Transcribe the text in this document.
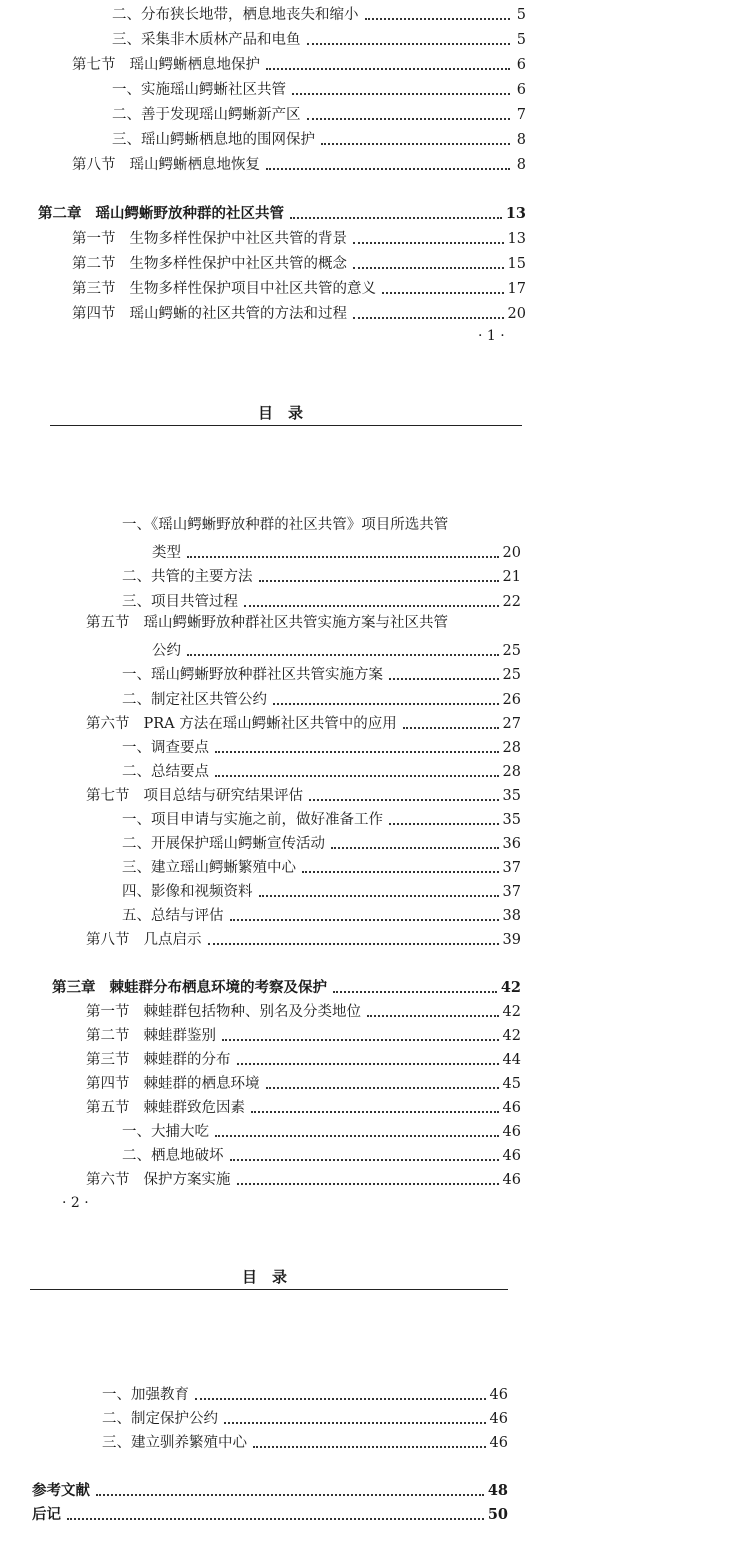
二、分布狭长地带，栖息地丧失和缩小	5
三、采集非木质林产品和电鱼	5
第七节 瑶山鳄蜥栖息地保护	6
一、实施瑶山鳄蜥社区共管	6
二、善于发现瑶山鳄蜥新产区	7
三、瑶山鳄蜥栖息地的围网保护	8
第八节 瑶山鳄蜥栖息地恢复	8
第二章 瑶山鳄蜥野放种群的社区共管	13
第一节 生物多样性保护中社区共管的背景	13
第二节 生物多样性保护中社区共管的概念	15
第三节 生物多样性保护项目中社区共管的意义	17
第四节 瑶山鳄蜥的社区共管的方法和过程	20
· 1 ·
目　录
一、《瑶山鳄蜥野放种群的社区共管》项目所选共管
类型	20
二、共管的主要方法	21
三、项目共管过程	22
第五节 瑶山鳄蜥野放种群社区共管实施方案与社区共管
公约	25
一、瑶山鳄蜥野放种群社区共管实施方案	25
二、制定社区共管公约	26
第六节 PRA 方法在瑶山鳄蜥社区共管中的应用	27
一、调查要点	28
二、总结要点	28
第七节 项目总结与研究结果评估	35
一、项目申请与实施之前，做好准备工作	35
二、开展保护瑶山鳄蜥宣传活动	36
三、建立瑶山鳄蜥繁殖中心	37
四、影像和视频资料	37
五、总结与评估	38
第八节 几点启示	39
第三章 棘蛙群分布栖息环境的考察及保护	42
第一节 棘蛙群包括物种、别名及分类地位	42
第二节 棘蛙群鉴别	42
第三节 棘蛙群的分布	44
第四节 棘蛙群的栖息环境	45
第五节 棘蛙群致危因素	46
一、大捕大吃	46
二、栖息地破坏	46
第六节 保护方案实施	46
· 2 ·
目　录
一、加强教育	46
二、制定保护公约	46
三、建立驯养繁殖中心	46
参考文献	48
后记	50
